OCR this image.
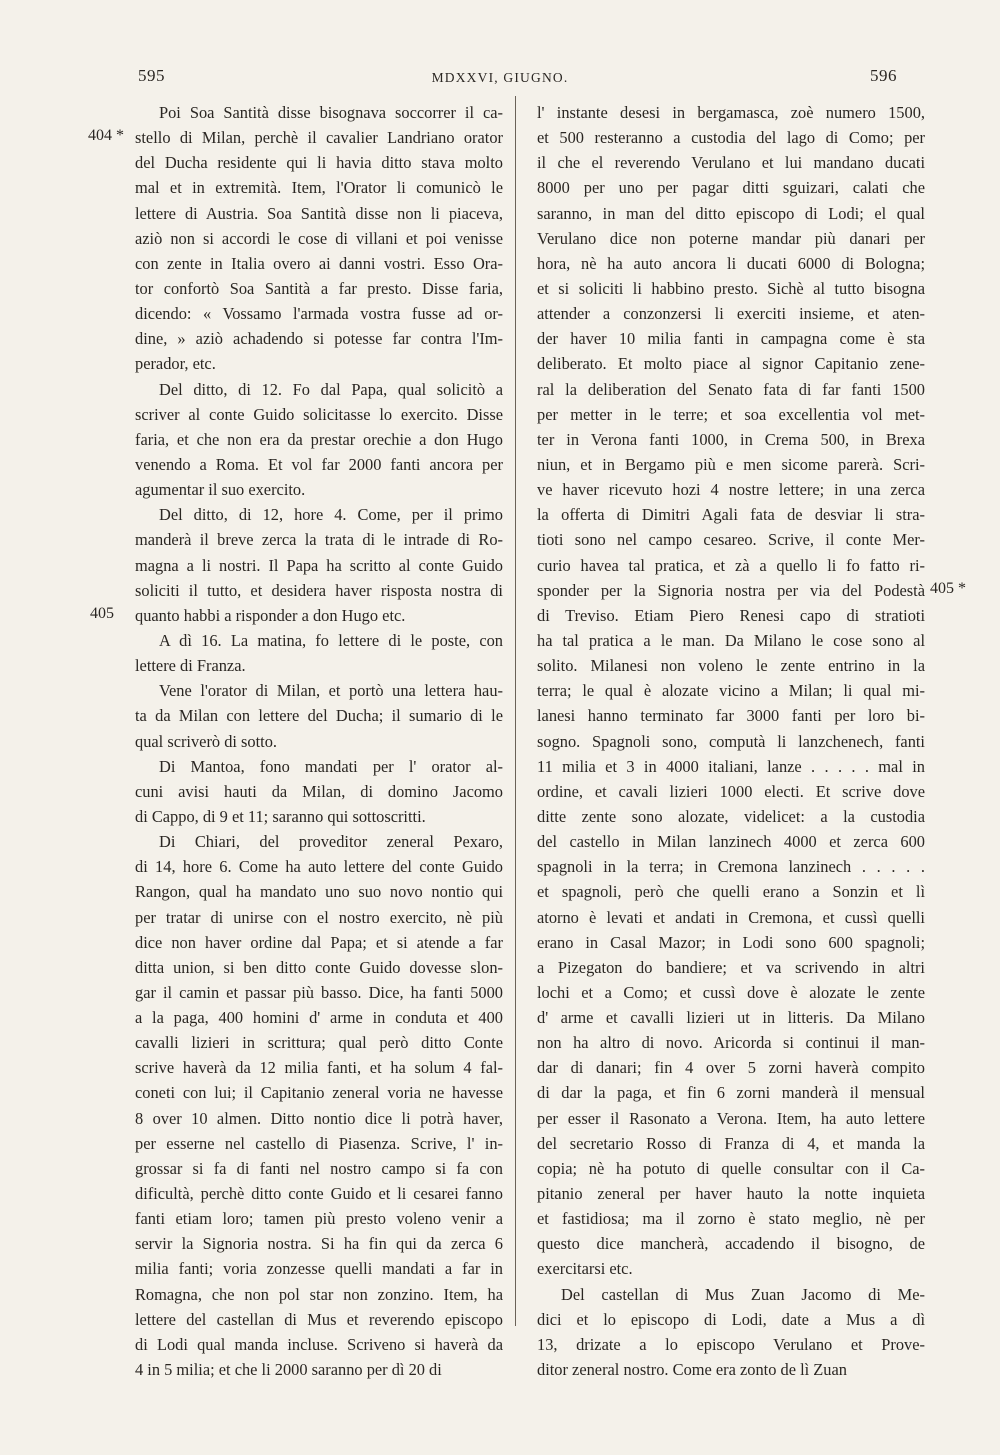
595	MDXXVI, GIUGNO.	596
404 *
405
405 *
Poi Soa Santità disse bisognava soccorrer il ca-
stello di Milan, perchè il cavalier Landriano orator
del Ducha residente qui li havia ditto stava molto
mal et in extremità. Item, l'Orator li comunicò le
lettere di Austria. Soa Santità disse non li piaceva,
aziò non si accordi le cose di villani et poi venisse
con zente in Italia overo ai danni vostri. Esso Ora-
tor confortò Soa Santità a far presto. Disse faria,
dicendo: « Vossamo l'armada vostra fusse ad or-
dine, » aziò achadendo si potesse far contra l'Im-
perador, etc.
Del ditto, di 12. Fo dal Papa, qual solicitò a
scriver al conte Guido solicitasse lo exercito. Disse
faria, et che non era da prestar orechie a don Hugo
venendo a Roma. Et vol far 2000 fanti ancora per
agumentar il suo exercito.
Del ditto, di 12, hore 4. Come, per il primo
manderà il breve zerca la trata di le intrade di Ro-
magna a li nostri. Il Papa ha scritto al conte Guido
soliciti il tutto, et desidera haver risposta nostra di
quanto habbi a risponder a don Hugo etc.
A dì 16. La matina, fo lettere di le poste, con
lettere di Franza.
Vene l'orator di Milan, et portò una lettera hau-
ta da Milan con lettere del Ducha; il sumario di le
qual scriverò di sotto.
Di Mantoa, fono mandati per l' orator al-
cuni avisi hauti da Milan, di domino Jacomo
di Cappo, di 9 et 11; saranno qui sottoscritti.
Di Chiari, del proveditor zeneral Pexaro,
di 14, hore 6. Come ha auto lettere del conte Guido
Rangon, qual ha mandato uno suo novo nontio qui
per tratar di unirse con el nostro exercito, nè più
dice non haver ordine dal Papa; et si atende a far
ditta union, si ben ditto conte Guido dovesse slon-
gar il camin et passar più basso. Dice, ha fanti 5000
a la paga, 400 homini d' arme in conduta et 400
cavalli lizieri in scrittura; qual però ditto Conte
scrive haverà da 12 milia fanti, et ha solum 4 fal-
coneti con lui; il Capitanio zeneral voria ne havesse
8 over 10 almen. Ditto nontio dice li potrà haver,
per esserne nel castello di Piasenza. Scrive, l' in-
grossar si fa di fanti nel nostro campo si fa con
dificultà, perchè ditto conte Guido et li cesarei fanno
fanti etiam loro; tamen più presto voleno venir a
servir la Signoria nostra. Si ha fin qui da zerca 6
milia fanti; voria zonzesse quelli mandati a far in
Romagna, che non pol star non zonzino. Item, ha
lettere del castellan di Mus et reverendo episcopo
di Lodi qual manda incluse. Scriveno si haverà da
4 in 5 milia; et che li 2000 saranno per dì 20 di
l' instante desesi in bergamasca, zoè numero 1500,
et 500 resteranno a custodia del lago di Como; per
il che el reverendo Verulano et lui mandano ducati
8000 per uno per pagar ditti sguizari, calati che
saranno, in man del ditto episcopo di Lodi; el qual
Verulano dice non poterne mandar più danari per
hora, nè ha auto ancora li ducati 6000 di Bologna;
et si soliciti li habbino presto. Sichè al tutto bisogna
attender a conzonzersi li exerciti insieme, et aten-
der haver 10 milia fanti in campagna come è sta
deliberato. Et molto piace al signor Capitanio zene-
ral la deliberation del Senato fata di far fanti 1500
per metter in le terre; et soa excellentia vol met-
ter in Verona fanti 1000, in Crema 500, in Brexa
niun, et in Bergamo più e men sicome parerà. Scri-
ve haver ricevuto hozi 4 nostre lettere; in una zerca
la offerta di Dimitri Agali fata de desviar li stra-
tioti sono nel campo cesareo. Scrive, il conte Mer-
curio havea tal pratica, et zà a quello li fo fatto ri-
sponder per la Signoria nostra per via del Podestà
di Treviso. Etiam Piero Renesi capo di stratioti
ha tal pratica a le man. Da Milano le cose sono al
solito. Milanesi non voleno le zente entrino in la
terra; le qual è alozate vicino a Milan; li qual mi-
lanesi hanno terminato far 3000 fanti per loro bi-
sogno. Spagnoli sono, computà li lanzchenech, fanti
11 milia et 3 in 4000 italiani, lanze . . . . . mal in
ordine, et cavali lizieri 1000 electi. Et scrive dove
ditte zente sono alozate, videlicet: a la custodia
del castello in Milan lanzinech 4000 et zerca 600
spagnoli in la terra; in Cremona lanzinech . . . . .
et spagnoli, però che quelli erano a Sonzin et lì
atorno è levati et andati in Cremona, et cussì quelli
erano in Casal Mazor; in Lodi sono 600 spagnoli;
a Pizegaton do bandiere; et va scrivendo in altri
lochi et a Como; et cussì dove è alozate le zente
d' arme et cavalli lizieri ut in litteris. Da Milano
non ha altro di novo. Aricorda si continui il man-
dar di danari; fin 4 over 5 zorni haverà compito
di dar la paga, et fin 6 zorni manderà il mensual
per esser il Rasonato a Verona. Item, ha auto lettere
del secretario Rosso di Franza di 4, et manda la
copia; nè ha potuto di quelle consultar con il Ca-
pitanio zeneral per haver hauto la notte inquieta
et fastidiosa; ma il zorno è stato meglio, nè per
questo dice mancherà, accadendo il bisogno, de
exercitarsi etc.
Del castellan di Mus Zuan Jacomo di Me-
dici et lo episcopo di Lodi, date a Mus a dì
13, drizate a lo episcopo Verulano et Prove-
ditor zeneral nostro. Come era zonto de lì Zuan
